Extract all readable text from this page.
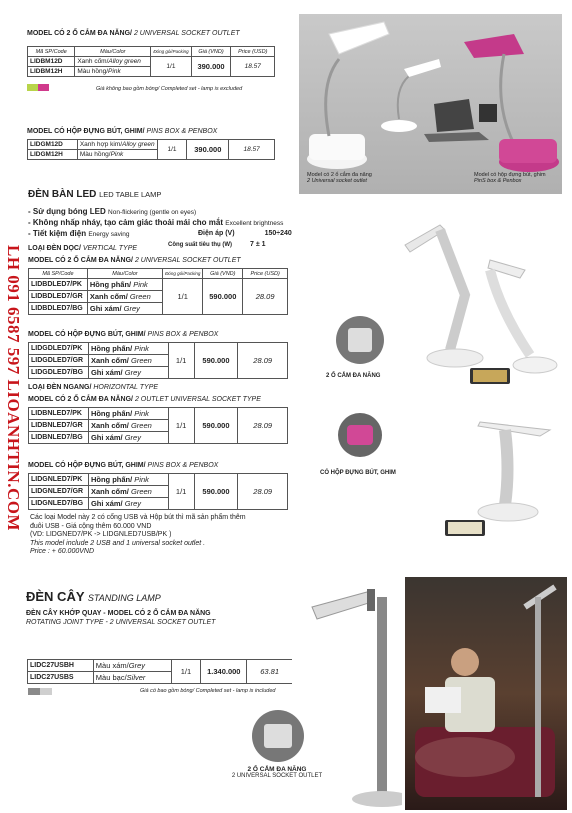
LH 091 6587 597 LIOANHTIN.COM
MODEL CÓ 2 Ổ CẮM ĐA NĂNG/ 2 UNIVERSAL SOCKET OUTLET
Mã SP/Code	Màu/Color	Đóng gói/Packing	Giá (VND)	Price (USD)
LIDBM12D	Xanh cốm/Alloy green	1/1	390.000	18.57
LIDBM12H	Màu hồng/Pink			
Giá không bao gồm bóng/ Completed set - lamp is excluded
Model có 2 ổ cắm đa năng
2 Universal socket outlet
Model có hộp đựng bút, ghim
PinS box & Penbox
MODEL CÓ HỘP ĐỰNG BÚT, GHIM/ PINS BOX & PENBOX
LIDGM12D	Xanh hợp kim/Alloy green	1/1	390.000	18.57
LIDGM12H	Màu hồng/Pink			
ĐÈN BÀN LED LED TABLE LAMP
- Sử dụng bóng LED Non-flickering (gentle on eyes)
- Không nhấp nháy, tạo cảm giác thoải mái cho mắt Excellent brightness
- Tiết kiệm điện Energy saving	Điện áp (V)	150÷240
Công suất tiêu thụ (W)	7 ± 1
LOẠI ĐÈN DỌC/ VERTICAL TYPE
MODEL CÓ 2 Ổ CẮM ĐA NĂNG/ 2 UNIVERSAL SOCKET OUTLET
Mã SP/Code	Màu/Color	Đóng gói/Packing	Giá (VND)	Price (USD)
LIDBDLED7/PK	Hồng phấn/ Pink	1/1	590.000	28.09
LIDBDLED7/GR	Xanh cốm/ Green			
LIDBDLED7/BG	Ghi xám/ Grey			
MODEL CÓ HỘP ĐỰNG BÚT, GHIM/ PINS BOX & PENBOX
LIDGDLED7/PK	Hồng phấn/ Pink	1/1	590.000	28.09
LIDGDLED7/GR	Xanh cốm/ Green			
LIDGDLED7/BG	Ghi xám/ Grey			
LOẠI ĐÈN NGANG/ HORIZONTAL TYPE
MODEL CÓ 2 Ổ CẮM ĐA NĂNG/ 2 OUTLET UNIVERSAL SOCKET TYPE
LIDBNLED7/PK	Hồng phấn/ Pink	1/1	590.000	28.09
LIDBNLED7/GR	Xanh cốm/ Green			
LIDBNLED7/BG	Ghi xám/ Grey			
MODEL CÓ HỘP ĐỰNG BÚT, GHIM/ PINS BOX & PENBOX
LIDGNLED7/PK	Hồng phấn/ Pink	1/1	590.000	28.09
LIDGNLED7/GR	Xanh cốm/ Green			
LIDGNLED7/BG	Ghi xám/ Grey			
Các loại Model này 2 có cổng USB và Hộp bút thì mã sản phẩm thêm
đuôi USB - Giá cộng thêm 60.000 VND
(VD: LIDGNED7/PK -> LIDGNLED7USB/PK )
This model include 2 USB and 1 universal socket outlet .
Price : + 60.000VND
2 Ổ CẮM ĐA NĂNG
CÓ HỘP ĐỰNG BÚT, GHIM
ĐÈN CÂY STANDING LAMP
ĐÈN CÂY KHỚP QUAY - MODEL CÓ 2 Ổ CẮM ĐA NĂNG
ROTATING JOINT TYPE - 2 UNIVERSAL SOCKET OUTLET
LIDC27USBH	Màu xám/Grey	1/1	1.340.000	63.81
LIDC27USBS	Màu bạc/Silver			
Giá có bao gồm bóng/ Completed set - lamp is included
2 Ổ CẮM ĐA NĂNG
2 UNIVERSAL SOCKET OUTLET
